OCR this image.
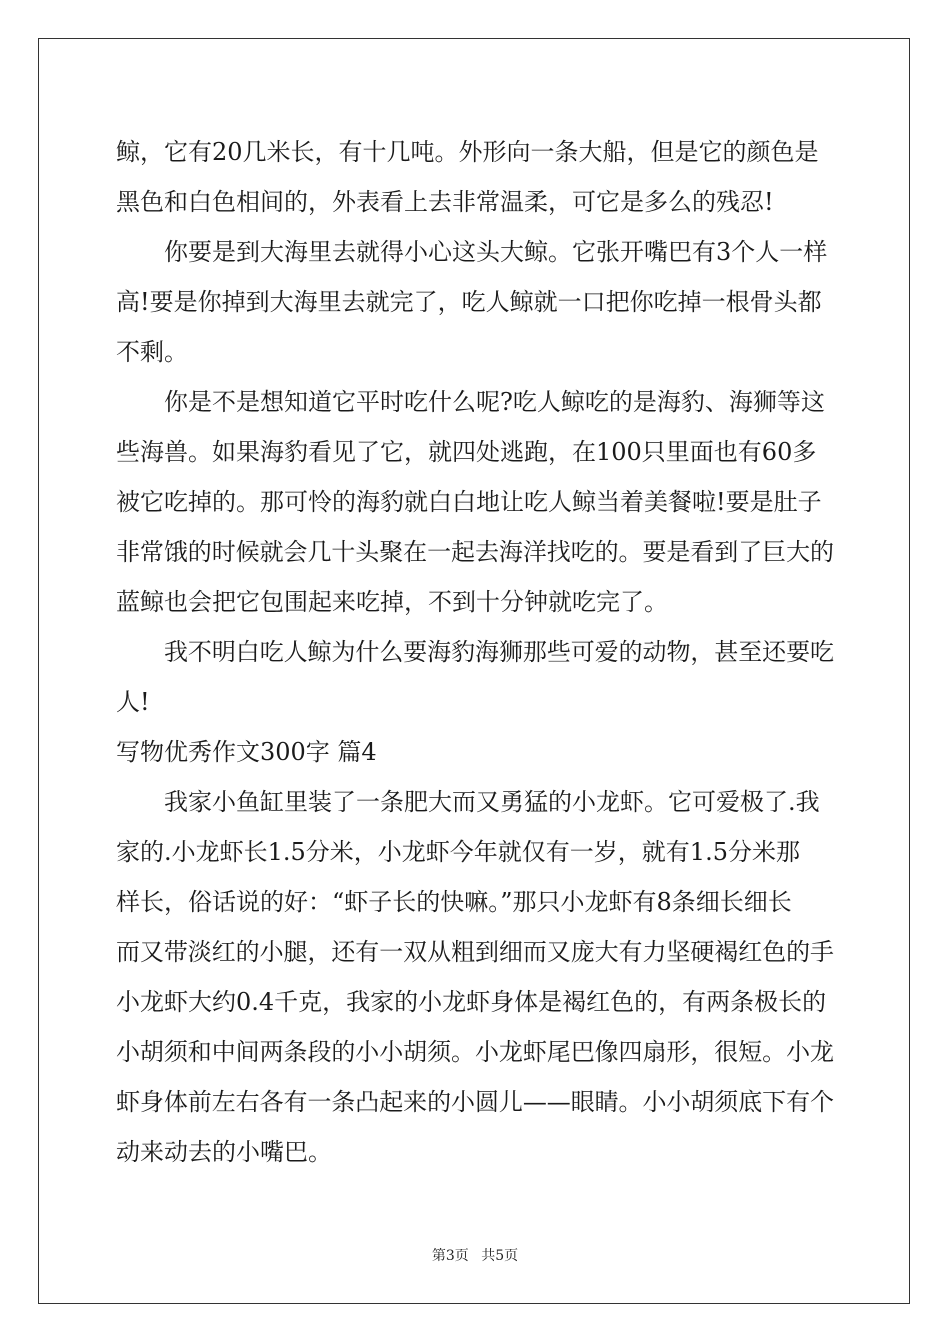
鲸，它有20几米长，有十几吨。外形向一条大船，但是它的颜色是
黑色和白色相间的，外表看上去非常温柔，可它是多么的残忍!
你要是到大海里去就得小心这头大鲸。它张开嘴巴有3个人一样
高!要是你掉到大海里去就完了，吃人鲸就一口把你吃掉一根骨头都
不剩。
你是不是想知道它平时吃什么呢?吃人鲸吃的是海豹、海狮等这
些海兽。如果海豹看见了它，就四处逃跑，在100只里面也有60多
被它吃掉的。那可怜的海豹就白白地让吃人鲸当着美餐啦!要是肚子
非常饿的时候就会几十头聚在一起去海洋找吃的。要是看到了巨大的
蓝鲸也会把它包围起来吃掉，不到十分钟就吃完了。
我不明白吃人鲸为什么要海豹海狮那些可爱的动物，甚至还要吃
人!
写物优秀作文300字 篇4
我家小鱼缸里装了一条肥大而又勇猛的小龙虾。它可爱极了.我
家的.小龙虾长1.5分米，小龙虾今年就仅有一岁，就有1.5分米那
样长，俗话说的好：“虾子长的快嘛。”那只小龙虾有8条细长细长
而又带淡红的小腿，还有一双从粗到细而又庞大有力坚硬褐红色的手
小龙虾大约0.4千克，我家的小龙虾身体是褐红色的，有两条极长的
小胡须和中间两条段的小小胡须。小龙虾尾巴像四扇形，很短。小龙
虾身体前左右各有一条凸起来的小圆儿——眼睛。小小胡须底下有个
动来动去的小嘴巴。
第3页 共5页
